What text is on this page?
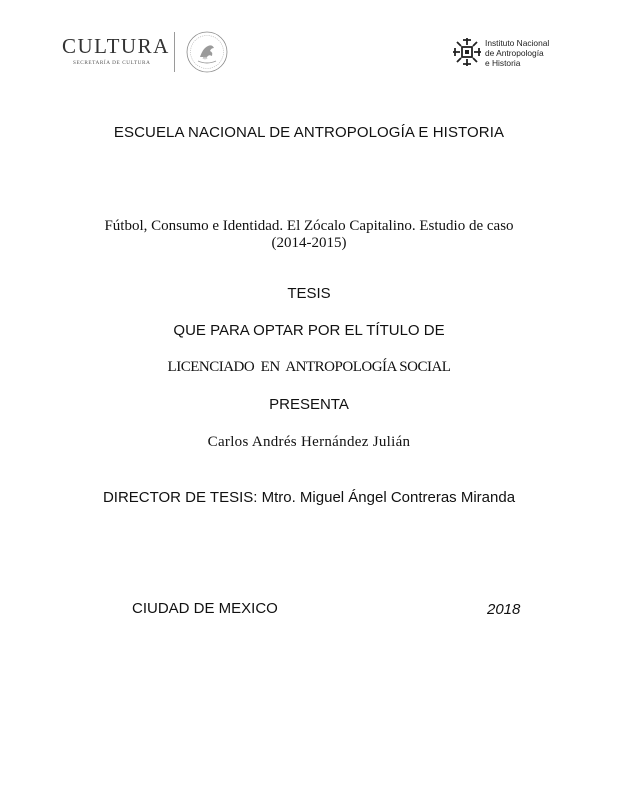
CULTURA
SECRETARÍA DE CULTURA
Instituto Nacional
de Antropología
e Historia
ESCUELA NACIONAL DE ANTROPOLOGÍA E HISTORIA
Fútbol, Consumo e Identidad. El Zócalo Capitalino. Estudio de caso
(2014-2015)
TESIS
QUE PARA OPTAR POR EL TÍTULO DE
LICENCIADO  EN  ANTROPOLOGÍA SOCIAL
PRESENTA
Carlos Andrés Hernández Julián
DIRECTOR DE TESIS: Mtro. Miguel Ángel Contreras Miranda
CIUDAD DE MEXICO	2018
